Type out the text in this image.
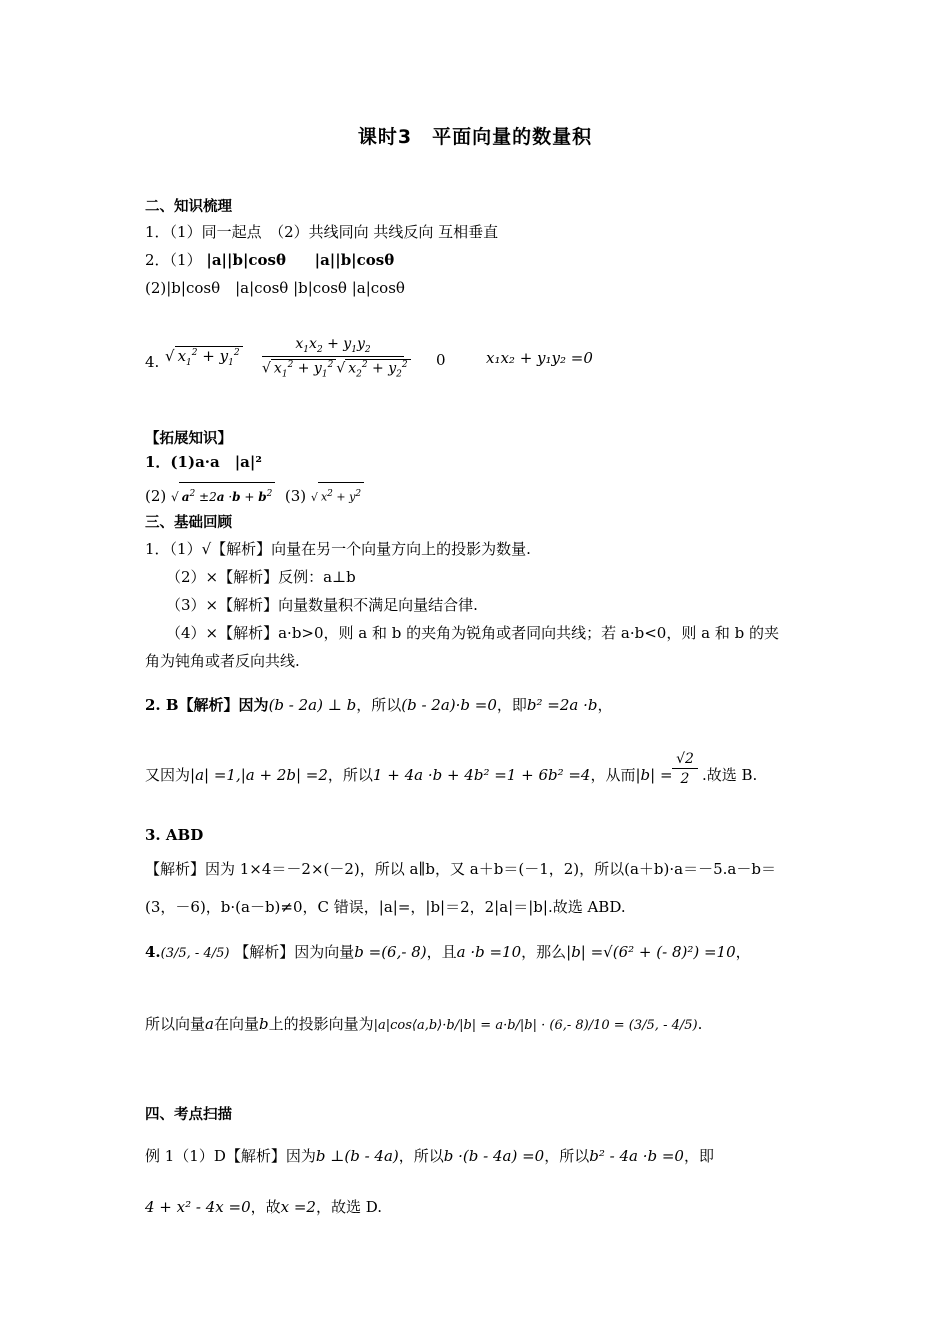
课时3　平面向量的数量积
二、知识梳理
1．（1）同一起点　（2）共线同向 共线反向 互相垂直
2．（1） |a||b|cosθ |a||b|cosθ
(2)|b|cosθ　|a|cosθ |b|cosθ |a|cosθ
4. √ $x_1^2 + y_1^2 \frac{x_1x_2 + y_1y_2}{√ x_1^2 + y_1^2 √ x_2^2 + y_2^2} 0$	x₁x₂ + y₁y₂ =0
【拓展知识】
1．(1)a·a　|a|²
(2) √ $a^2 \pm 2a \cdot b + b^2$ (3) √ $x^2 + y^2$
三、基础回顾
1．（1）√【解析】向量在另一个向量方向上的投影为数量.
（2）×【解析】反例：a⊥b
（3）×【解析】向量数量积不满足向量结合律.
（4）×【解析】a·b>0，则 a 和 b 的夹角为锐角或者同向共线；若 a·b<0，则 a 和 b 的夹
角为钝角或者反向共线.
2. B【解析】因为(b - 2a) ⊥ b，所以(b - 2a)·b =0，即b² =2a ·b，
又因为|a| =1,|a + 2b| =2，所以1 + 4a ·b + 4b² =1 + 6b² =4，从而$|b| = \frac{√2}{2}$ .故选 B.
3. ABD
【解析】因为 1×4＝－2×(－2)，所以 a∥b，又 a＋b＝(－1，2)，所以(a＋b)·a＝－5.a－b＝
(3，－6)，b·(a－b)≠0，C 错误，|a|=，|b|＝2，2|a|＝|b|.故选 ABD.
4.(3/5, - 4/5) 【解析】因为向量b =(6,- 8)，且a ·b =10，那么|b| =√(6² + (- 8)²) =10，
所以向量a在向量b上的投影向量为|a|cos⟨a,b⟩·b/|b| = a·b/|b| · (6,- 8)/10 = (3/5, - 4/5).
四、考点扫描
例 1（1）D【解析】因为b ⊥(b - 4a)，所以b ·(b - 4a) =0，所以b² - 4a ·b =0，即
4 + x² - 4x =0，故x =2，故选 D.
